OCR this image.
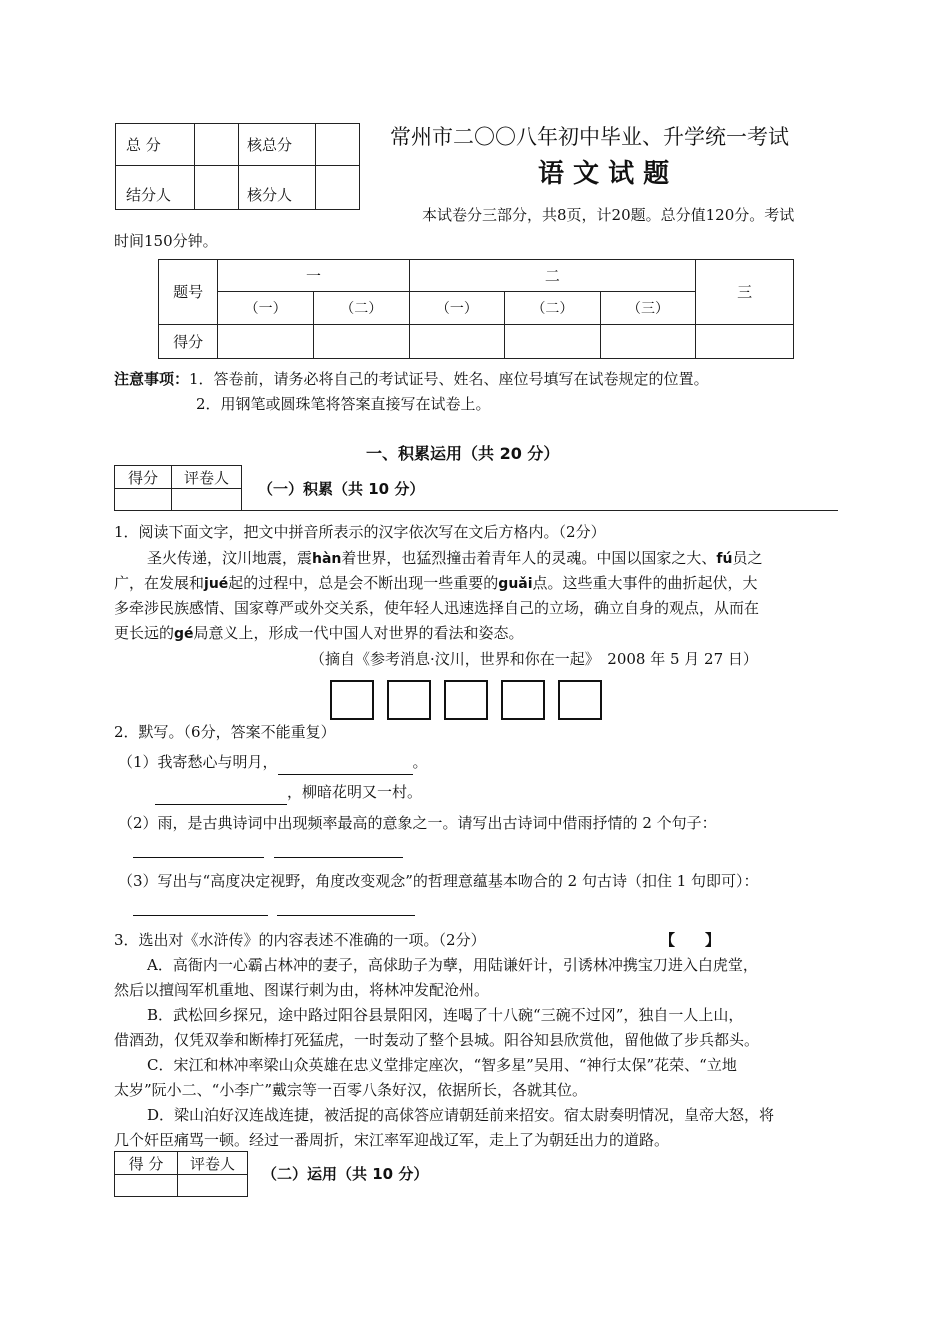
总 分		核总分	
结分人		核分人	
常州市二〇〇八年初中毕业、升学统一考试
语 文 试 题
本试卷分三部分，共8页，计20题。总分值120分。考试
时间150分钟。
题号	一		二			三
	（一）	（二）	（一）	（二）	（三）	
得分						
注意事项：1．答卷前，请务必将自己的考试证号、姓名、座位号填写在试卷规定的位置。
2．用钢笔或圆珠笔将答案直接写在试卷上。
一、积累运用（共 20 分）
得分	评卷人

（一）积累（共 10 分）
1．阅读下面文字，把文中拼音所表示的汉字依次写在文后方格内。（2分）
圣火传递，汶川地震，震hàn着世界，也猛烈撞击着青年人的灵魂。中国以国家之大、fú员之
广，在发展和jué起的过程中，总是会不断出现一些重要的guǎi点。这些重大事件的曲折起伏，大
多牵涉民族感情、国家尊严或外交关系，使年轻人迅速选择自己的立场，确立自身的观点，从而在
更长远的gé局意义上，形成一代中国人对世界的看法和姿态。
（摘自《参考消息·汶川，世界和你在一起》　2008 年 5 月 27 日）
2．默写。（6分，答案不能重复）
（1）我寄愁心与明月，	。
，柳暗花明又一村。
（2）雨，是古典诗词中出现频率最高的意象之一。请写出古诗词中借雨抒情的 2 个句子：
（3）写出与“高度决定视野，角度改变观念”的哲理意蕴基本吻合的 2 句古诗（扣住 1 句即可）：
3．选出对《水浒传》的内容表述不准确的一项。（2分）	【　　】
A．高衙内一心霸占林冲的妻子，高俅助子为孽，用陆谦奸计，引诱林冲携宝刀进入白虎堂，
然后以擅闯军机重地、图谋行刺为由，将林冲发配沧州。
B．武松回乡探兄，途中路过阳谷县景阳冈，连喝了十八碗“三碗不过冈”，独自一人上山，
借酒劲，仅凭双拳和断棒打死猛虎，一时轰动了整个县城。阳谷知县欣赏他，留他做了步兵都头。
C．宋江和林冲率梁山众英雄在忠义堂排定座次，“智多星”吴用、“神行太保”花荣、“立地
太岁”阮小二、“小李广”戴宗等一百零八条好汉，依据所长，各就其位。
D．梁山泊好汉连战连捷，被活捉的高俅答应请朝廷前来招安。宿太尉奏明情况，皇帝大怒，将
几个奸臣痛骂一顿。经过一番周折，宋江率军迎战辽军，走上了为朝廷出力的道路。
得 分	评卷人

（二）运用（共 10 分）
